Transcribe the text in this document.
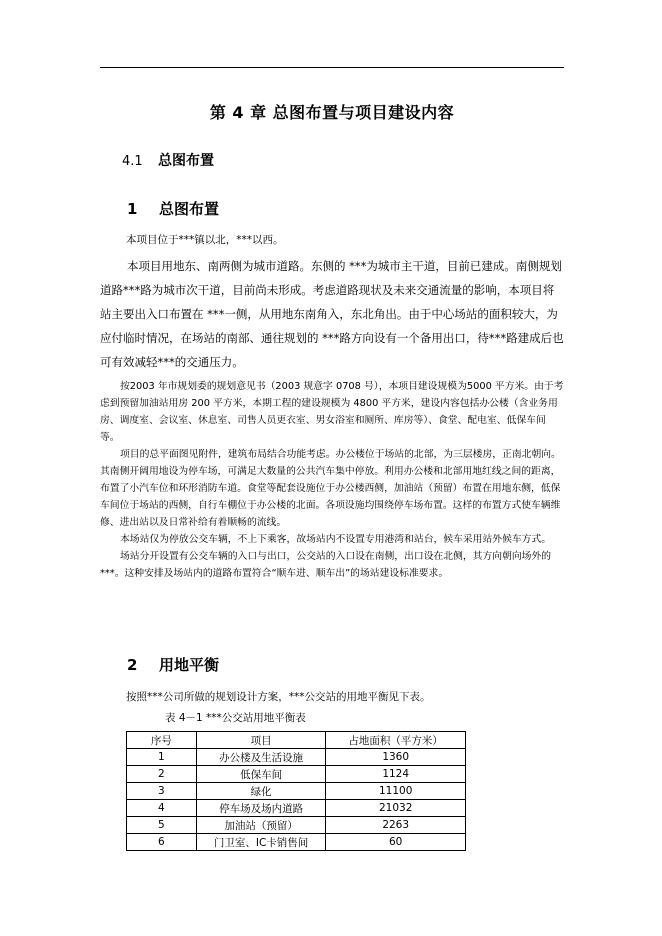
第 4 章 总图布置与项目建设内容
4.1 总图布置
1 总图布置

本项目位于***镇以北，***以西。

本项目用地东、南两侧为城市道路。东侧的 ***为城市主干道，目前已建成。南侧规划道路***路为城市次干道，目前尚未形成。考虑道路现状及未来交通流量的影响，本项目将站主要出入口布置在 ***一侧，从用地东南角入，东北角出。由于中心场站的面积较大，为应付临时情况，在场站的南部、通往规划的 ***路方向设有一个备用出口，待***路建成后也可有效减轻***的交通压力。

按2003 年市规划委的规划意见书（2003 规意字 0708 号），本项目建设规模为5000 平方米。由于考虑到预留加油站用房 200 平方米，本期工程的建设规模为 4800 平方米，建设内容包括办公楼（含业务用房、调度室、会议室、休息室、司售人员更衣室、男女浴室和厕所、库房等）、食堂、配电室、低保车间等。

项目的总平面图见附件，建筑布局结合功能考虑。办公楼位于场站的北部，为三层楼房，正南北朝向。其南侧开阔用地设为停车场，可满足大数量的公共汽车集中停放。利用办公楼和北部用地红线之间的距离，布置了小汽车位和环形消防车道。食堂等配套设施位于办公楼西侧，加油站（预留）布置在用地东侧，低保车间位于场站的西侧，自行车棚位于办公楼的北面。各项设施均围绕停车场布置。这样的布置方式使车辆维修、进出站以及日常补给有着顺畅的流线。

本场站仅为停放公交车辆，不上下乘客，故场站内不设置专用港湾和站台，候车采用站外候车方式。

场站分开设置有公交车辆的入口与出口，公交站的入口设在南侧，出口设在北侧，其方向朝向场外的***。这种安排及场站内的道路布置符合“顺车进、顺车出”的场站建设标准要求。

2 用地平衡
按照***公司所做的规划设计方案，***公交站的用地平衡见下表。
表 4－1 ***公交站用地平衡表
序号	项目	占地面积（平方米）
1	办公楼及生活设施	1360
2	低保车间	1124
3	绿化	11100
4	停车场及场内道路	21032
5	加油站（预留）	2263
6	门卫室、IC卡销售间	60
